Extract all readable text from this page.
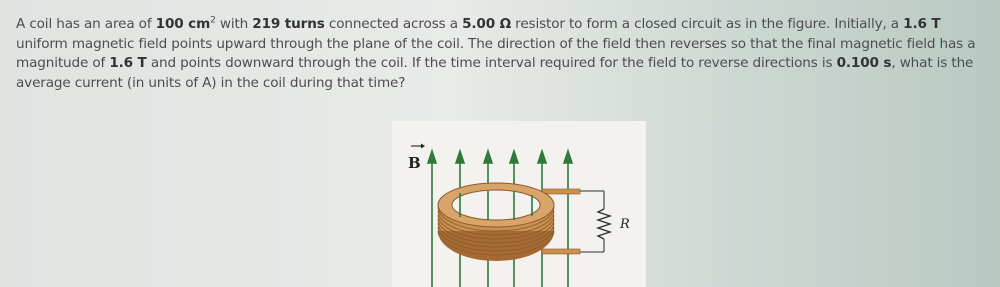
A coil has an area of 100 $cm^2$ with 219 turns connected across a 5.00 Ω resistor to form a closed circuit as in the figure. Initially, a 1.6 T uniform magnetic field points upward through the plane of the coil. The direction of the field then reverses so that the final magnetic field has a magnitude of 1.6 T and points downward through the coil. If the time interval required for the field to reverse directions is 0.100 s, what is the average current (in units of A) in the coil during that time?
B
R
